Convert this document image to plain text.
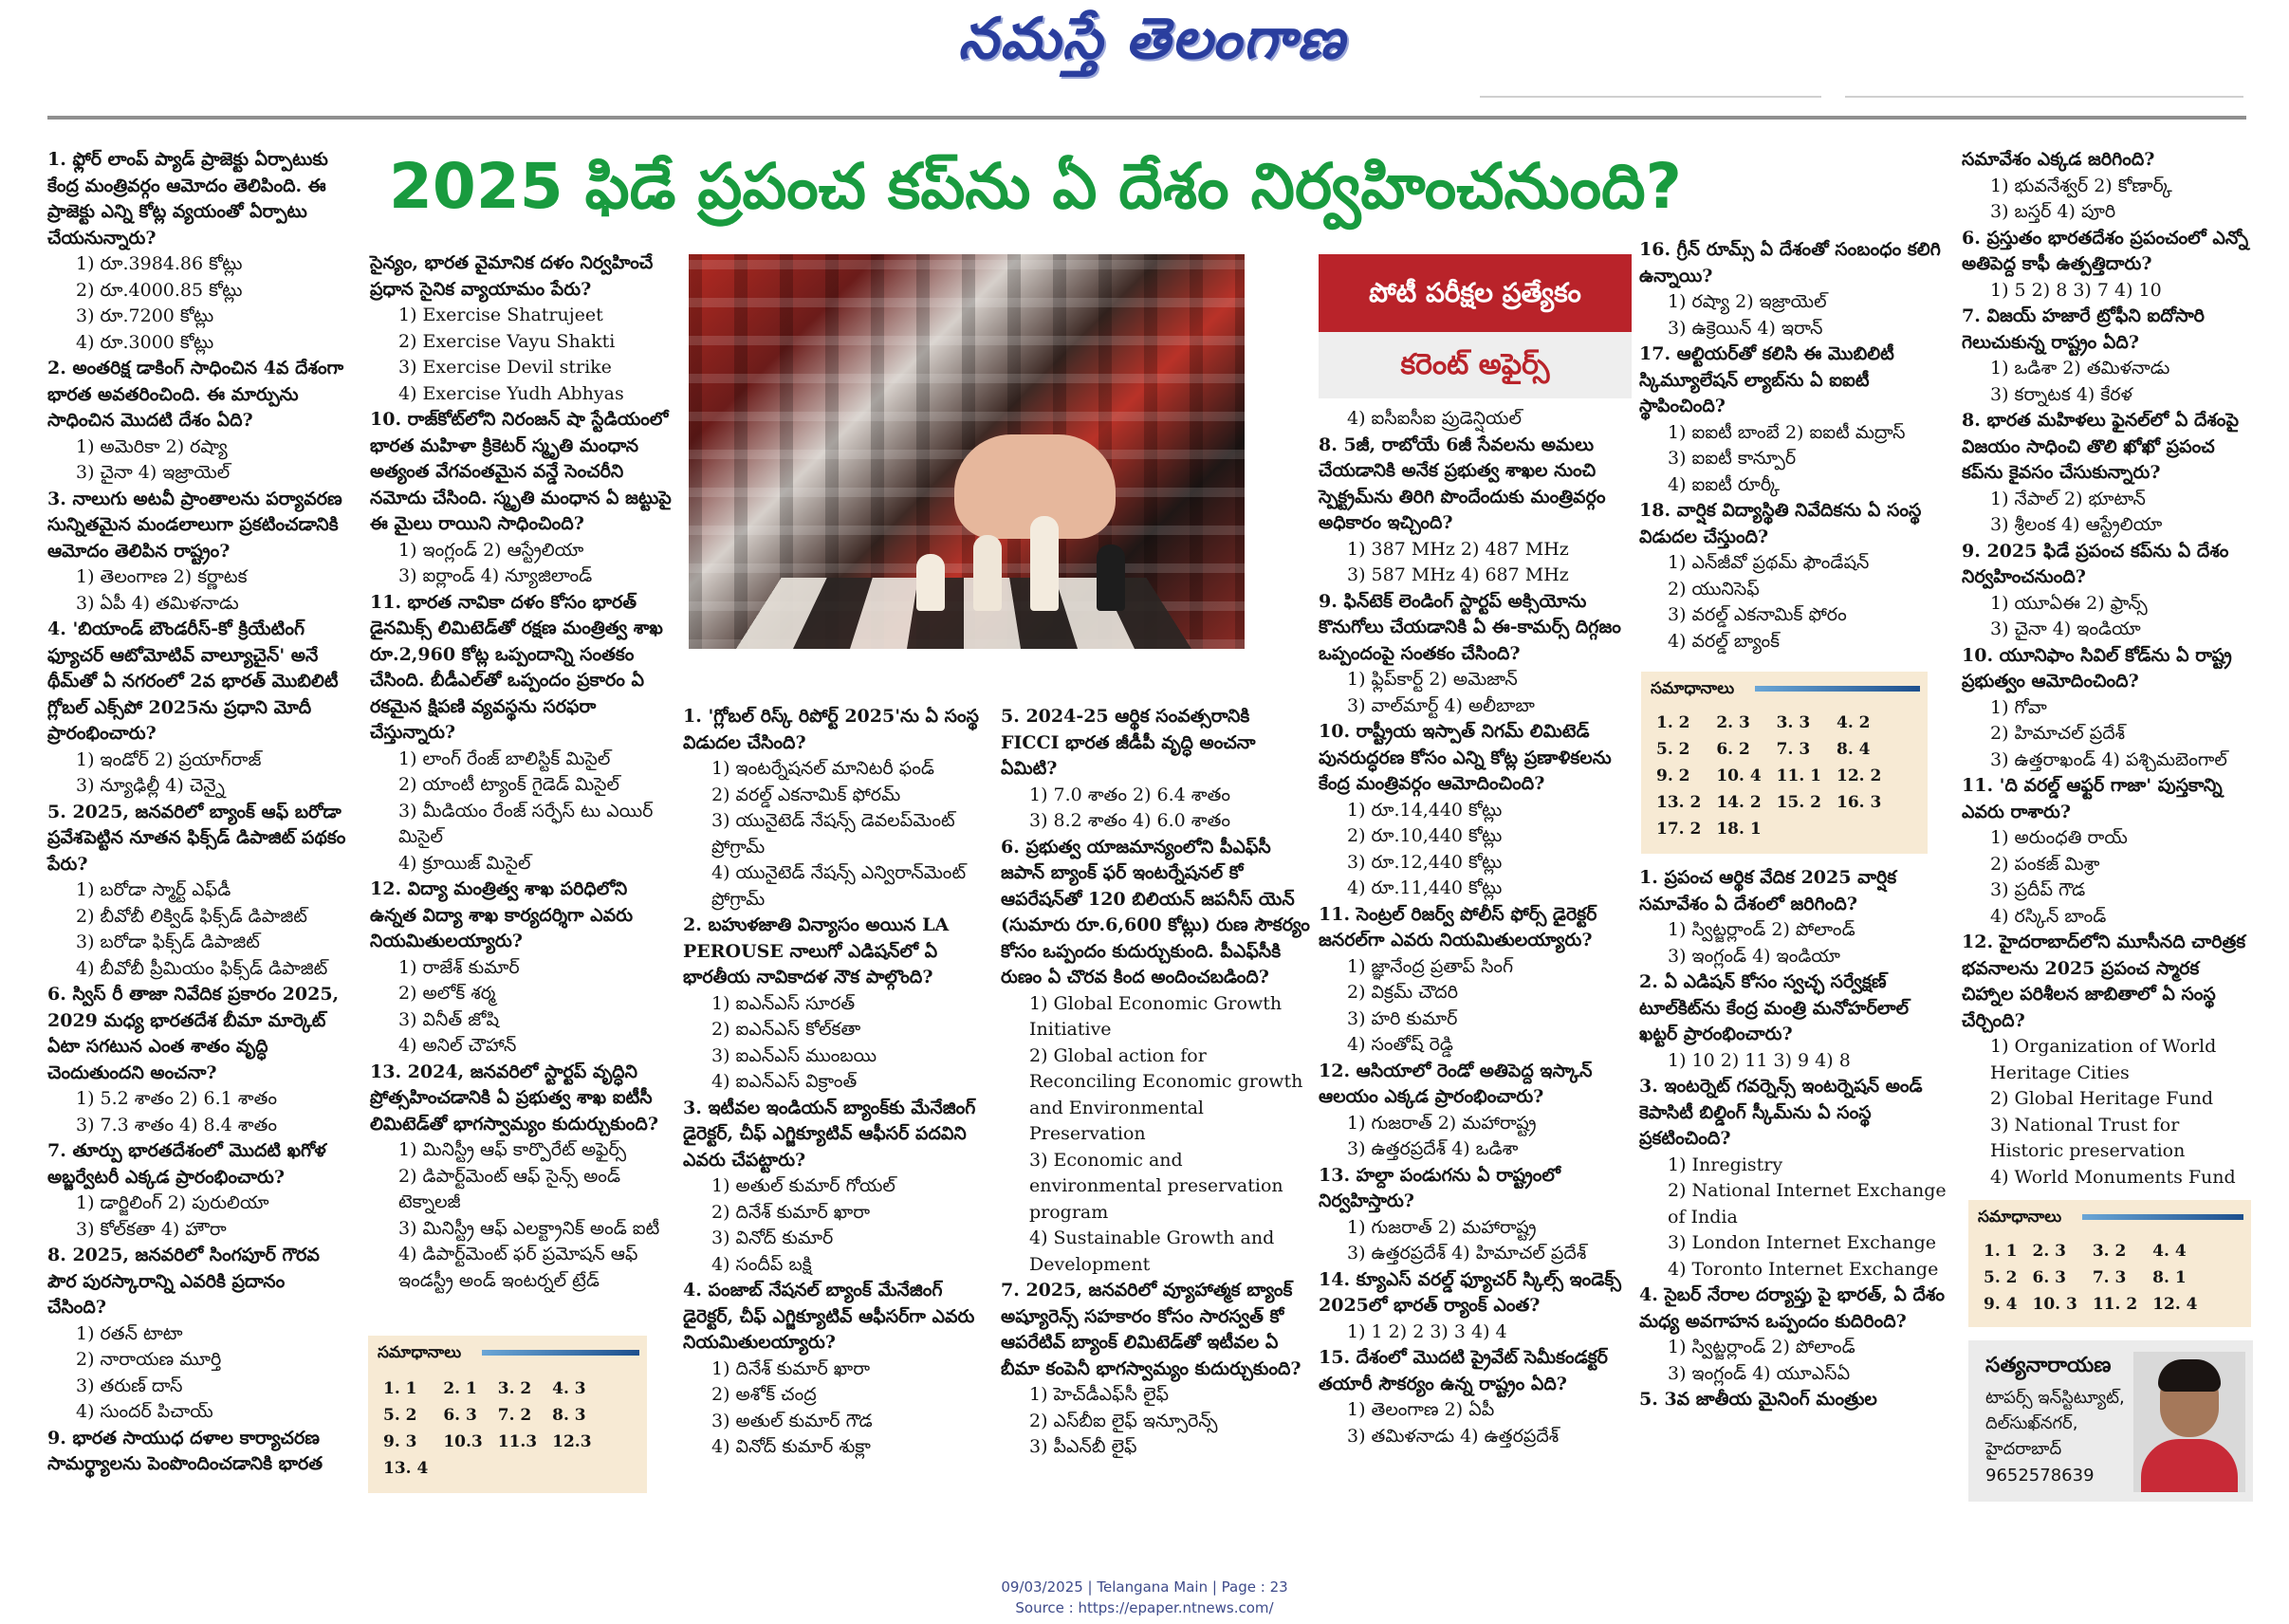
నమస్తే తెలంగాణ
2025 ఫిడే ప్రపంచ కప్‌ను ఏ దేశం నిర్వహించనుంది?

1. ఫ్లోర్ లాంప్ ప్యాడ్ ప్రాజెక్టు ఏర్పాటుకు కేంద్ర మంత్రివర్గం ఆమోదం తెలిపింది. ఈ ప్రాజెక్టు ఎన్ని కోట్ల వ్యయంతో ఏర్పాటు చేయనున్నారు?

1) రూ.3984.86 కోట్లు

2) రూ.4000.85 కోట్లు

3) రూ.7200 కోట్లు

4) రూ.3000 కోట్లు

2. అంతరిక్ష డాకింగ్ సాధించిన 4వ దేశంగా భారత అవతరించింది. ఈ మార్పును సాధించిన మొదటి దేశం ఏది?

1) అమెరికా 2) రష్యా

3) చైనా 4) ఇజ్రాయెల్

3. నాలుగు అటవీ ప్రాంతాలను పర్యావరణ సున్నితమైన మండలాలుగా ప్రకటించడానికి ఆమోదం తెలిపిన రాష్ట్రం?

1) తెలంగాణ 2) కర్ణాటక

3) ఏపీ 4) తమిళనాడు

4. 'బియాండ్ బౌండరీస్-కో క్రియేటింగ్ ఫ్యూచర్ ఆటోమోటివ్ వాల్యూచైన్' అనే థీమ్‌తో ఏ నగరంలో 2వ భారత్ మొబిలిటీ గ్లోబల్ ఎక్స్‌పో 2025ను ప్రధాని మోదీ ప్రారంభించారు?

1) ఇండోర్ 2) ప్రయాగ్‌రాజ్

3) న్యూఢిల్లీ 4) చెన్నై

5. 2025, జనవరిలో బ్యాంక్ ఆఫ్ బరోడా ప్రవేశపెట్టిన నూతన ఫిక్స్‌డ్ డిపాజిట్ పథకం పేరు?

1) బరోడా స్మార్ట్ ఎఫ్‌డీ

2) బీవోబీ లిక్విడ్ ఫిక్స్‌డ్ డిపాజిట్

3) బరోడా ఫిక్స్‌డ్ డిపాజిట్

4) బీవోబీ ప్రీమియం ఫిక్స్‌డ్ డిపాజిట్

6. స్విస్ రీ తాజా నివేదిక ప్రకారం 2025, 2029 మధ్య భారతదేశ బీమా మార్కెట్ ఏటా సగటున ఎంత శాతం వృద్ధి చెందుతుందని అంచనా?

1) 5.2 శాతం 2) 6.1 శాతం

3) 7.3 శాతం 4) 8.4 శాతం

7. తూర్పు భారతదేశంలో మొదటి ఖగోళ అబ్జర్వేటరీ ఎక్కడ ప్రారంభించారు?

1) డార్జిలింగ్ 2) పురులియా

3) కోల్‌కతా 4) హౌరా

8. 2025, జనవరిలో సింగపూర్ గౌరవ పౌర పురస్కారాన్ని ఎవరికి ప్రదానం చేసింది?

1) రతన్ టాటా

2) నారాయణ మూర్తి

3) తరుణ్ దాస్

4) సుందర్ పిచాయ్

9. భారత సాయుధ దళాల కార్యాచరణ సామర్థ్యాలను పెంపొందించడానికి భారత

సైన్యం, భారత వైమానిక దళం నిర్వహించే ప్రధాన సైనిక వ్యాయామం పేరు?

1) Exercise Shatrujeet

2) Exercise Vayu Shakti

3) Exercise Devil strike

4) Exercise Yudh Abhyas

10. రాజ్‌కోట్‌లోని నిరంజన్ షా స్టేడియంలో భారత మహిళా క్రికెటర్ స్మృతి మంధాన అత్యంత వేగవంతమైన వన్డే సెంచరీని నమోదు చేసింది. స్మృతి మంధాన ఏ జట్టుపై ఈ మైలు రాయిని సాధించింది?

1) ఇంగ్లండ్ 2) ఆస్ట్రేలియా

3) ఐర్లాండ్ 4) న్యూజిలాండ్

11. భారత నావికా దళం కోసం భారత్ డైనమిక్స్ లిమిటెడ్‌తో రక్షణ మంత్రిత్వ శాఖ రూ.2,960 కోట్ల ఒప్పందాన్ని సంతకం చేసింది. బీడీఎల్‌తో ఒప్పందం ప్రకారం ఏ రకమైన క్షిపణి వ్యవస్థను సరఫరా చేస్తున్నారు?

1) లాంగ్ రేంజ్ బాలిస్టిక్ మిసైల్

2) యాంటీ ట్యాంక్ గైడెడ్ మిసైల్

3) మీడియం రేంజ్ సర్ఫేస్ టు ఎయిర్ మిసైల్

4) క్రూయిజ్ మిసైల్

12. విద్యా మంత్రిత్వ శాఖ పరిధిలోని ఉన్నత విద్యా శాఖ కార్యదర్శిగా ఎవరు నియమితులయ్యారు?

1) రాజేశ్ కుమార్

2) అలోక్ శర్మ

3) వినీత్ జోషి

4) అనిల్ చౌహాన్

13. 2024, జనవరిలో స్టార్టప్ వృద్ధిని ప్రోత్సహించడానికి ఏ ప్రభుత్వ శాఖ ఐటీసీ లిమిటెడ్‌తో భాగస్వామ్యం కుదుర్చుకుంది?

1) మినిస్ట్రీ ఆఫ్ కార్పొరేట్ అఫైర్స్

2) డిపార్ట్‌మెంట్ ఆఫ్ సైన్స్ అండ్ టెక్నాలజీ

3) మినిస్ట్రీ ఆఫ్ ఎలక్ట్రానిక్ అండ్ ఐటీ

4) డిపార్ట్‌మెంట్ ఫర్ ప్రమోషన్ ఆఫ్ ఇండస్ట్రీ అండ్ ఇంటర్నల్ ట్రేడ్

పోటీ పరీక్షల ప్రత్యేకం
కరెంట్ అఫైర్స్

1. 'గ్లోబల్ రిస్క్ రిపోర్ట్ 2025'ను ఏ సంస్థ విడుదల చేసింది?

1) ఇంటర్నేషనల్ మానిటరీ ఫండ్

2) వరల్డ్ ఎకనామిక్ ఫోరమ్

3) యునైటెడ్ నేషన్స్ డెవలప్‌మెంట్ ప్రోగ్రామ్

4) యునైటెడ్ నేషన్స్ ఎన్విరాన్‌మెంట్ ప్రోగ్రామ్

2. బహుళజాతి విన్యాసం అయిన LA PEROUSE నాలుగో ఎడిషన్‌లో ఏ భారతీయ నావికాదళ నౌక పాల్గొంది?

1) ఐఎన్ఎస్ సూరత్

2) ఐఎన్ఎస్ కోల్‌కతా

3) ఐఎన్ఎస్ ముంబయి

4) ఐఎన్ఎస్ విక్రాంత్

3. ఇటీవల ఇండియన్ బ్యాంక్‌కు మేనేజింగ్ డైరెక్టర్, చీఫ్ ఎగ్జిక్యూటివ్ ఆఫీసర్ పదవిని ఎవరు చేపట్టారు?

1) అతుల్ కుమార్ గోయల్

2) దినేశ్ కుమార్ ఖారా

3) వినోద్ కుమార్

4) సందీప్ బక్షి

4. పంజాబ్ నేషనల్ బ్యాంక్ మేనేజింగ్ డైరెక్టర్, చీఫ్ ఎగ్జిక్యూటివ్ ఆఫీసర్‌గా ఎవరు నియమితులయ్యారు?

1) దినేశ్ కుమార్ ఖారా

2) అశోక్ చంద్ర

3) అతుల్ కుమార్ గౌడ

4) వినోద్ కుమార్ శుక్లా

5. 2024-25 ఆర్థిక సంవత్సరానికి FICCI భారత జీడీపీ వృద్ధి అంచనా ఏమిటి?

1) 7.0 శాతం 2) 6.4 శాతం

3) 8.2 శాతం 4) 6.0 శాతం

6. ప్రభుత్వ యాజమాన్యంలోని పీఎఫ్‌సీ జపాన్ బ్యాంక్ ఫర్ ఇంటర్నేషనల్ కో ఆపరేషన్‌తో 120 బిలియన్ జపనీస్ యెన్ (సుమారు రూ.6,600 కోట్లు) రుణ సౌకర్యం కోసం ఒప్పందం కుదుర్చుకుంది. పీఎఫ్‌సీకి రుణం ఏ చొరవ కింద అందించబడింది?

1) Global Economic Growth Initiative

2) Global action for Reconciling Economic growth and Environmental Preservation

3) Economic and environmental preservation program

4) Sustainable Growth and Development

7. 2025, జనవరిలో వ్యూహాత్మక బ్యాంక్ అష్యూరెన్స్ సహకారం కోసం సారస్వత్ కో ఆపరేటివ్ బ్యాంక్ లిమిటెడ్‌తో ఇటీవల ఏ బీమా కంపెనీ భాగస్వామ్యం కుదుర్చుకుంది?

1) హెచ్‌డీఎఫ్‌సీ లైఫ్

2) ఎస్‌బీఐ లైఫ్ ఇన్సూరెన్స్

3) పీఎన్‌బీ లైఫ్

4) ఐసీఐసీఐ ప్రుడెన్షియల్

8. 5జీ, రాబోయే 6జీ సేవలను అమలు చేయడానికి అనేక ప్రభుత్వ శాఖల నుంచి స్పెక్ట్రమ్‌ను తిరిగి పొందేందుకు మంత్రివర్గం అధికారం ఇచ్చింది?

1) 387 MHz 2) 487 MHz

3) 587 MHz 4) 687 MHz

9. ఫిన్‌టెక్ లెండింగ్ స్టార్టప్ అక్సియోను కొనుగోలు చేయడానికి ఏ ఈ-కామర్స్ దిగ్గజం ఒప్పందంపై సంతకం చేసింది?

1) ఫ్లిప్‌కార్ట్ 2) అమెజాన్

3) వాల్‌మార్ట్ 4) అలీబాబా

10. రాష్ట్రీయ ఇస్పాత్ నిగమ్ లిమిటెడ్ పునరుద్ధరణ కోసం ఎన్ని కోట్ల ప్రణాళికలను కేంద్ర మంత్రివర్గం ఆమోదించింది?

1) రూ.14,440 కోట్లు

2) రూ.10,440 కోట్లు

3) రూ.12,440 కోట్లు

4) రూ.11,440 కోట్లు

11. సెంట్రల్ రిజర్వ్ పోలీస్ ఫోర్స్ డైరెక్టర్ జనరల్‌గా ఎవరు నియమితులయ్యారు?

1) జ్ఞానేంద్ర ప్రతాప్ సింగ్

2) విక్రమ్ చౌదరి

3) హరి కుమార్

4) సంతోష్ రెడ్డి

12. ఆసియాలో రెండో అతిపెద్ద ఇస్కాన్ ఆలయం ఎక్కడ ప్రారంభించారు?

1) గుజరాత్ 2) మహారాష్ట్ర

3) ఉత్తరప్రదేశ్ 4) ఒడిశా

13. హల్దా పండుగను ఏ రాష్ట్రంలో నిర్వహిస్తారు?

1) గుజరాత్ 2) మహారాష్ట్ర

3) ఉత్తరప్రదేశ్ 4) హిమాచల్ ప్రదేశ్

14. క్యూఎస్ వరల్డ్ ఫ్యూచర్ స్కిల్స్ ఇండెక్స్ 2025లో భారత్ ర్యాంక్ ఎంత?

1) 1 2) 2 3) 3 4) 4

15. దేశంలో మొదటి ప్రైవేట్ సెమీకండక్టర్ తయారీ సౌకర్యం ఉన్న రాష్ట్రం ఏది?

1) తెలంగాణ 2) ఏపీ

3) తమిళనాడు 4) ఉత్తరప్రదేశ్

16. గ్రీన్ రూమ్స్ ఏ దేశంతో సంబంధం కలిగి ఉన్నాయి?

1) రష్యా 2) ఇజ్రాయెల్

3) ఉక్రెయిన్ 4) ఇరాన్

17. ఆల్టియర్‌తో కలిసి ఈ మొబిలిటీ స్కిమ్యూలేషన్ ల్యాబ్‌ను ఏ ఐఐటీ స్థాపించింది?

1) ఐఐటీ బాంబే 2) ఐఐటీ మద్రాస్

3) ఐఐటీ కాన్పూర్

4) ఐఐటీ రూర్కీ

18. వార్షిక విద్యాస్థితి నివేదికను ఏ సంస్థ విడుదల చేస్తుంది?

1) ఎన్‌జీవో ప్రథమ్ ఫౌండేషన్

2) యునిసెఫ్

3) వరల్డ్ ఎకనామిక్ ఫోరం

4) వరల్డ్ బ్యాంక్

1. ప్రపంచ ఆర్థిక వేదిక 2025 వార్షిక సమావేశం ఏ దేశంలో జరిగింది?

1) స్విట్జర్లాండ్ 2) పోలాండ్

3) ఇంగ్లండ్ 4) ఇండియా

2. ఏ ఎడిషన్ కోసం స్వచ్ఛ సర్వేక్షణ్ టూల్‌కిట్‌ను కేంద్ర మంత్రి మనోహర్‌లాల్ ఖట్టర్ ప్రారంభించారు?

1) 10 2) 11 3) 9 4) 8

3. ఇంటర్నెట్ గవర్నెన్స్ ఇంటర్నెషన్ అండ్ కెపాసిటీ బిల్డింగ్ స్కీమ్‌ను ఏ సంస్థ ప్రకటించింది?

1) Inregistry

2) National Internet Exchange of India

3) London Internet Exchange

4) Toronto Internet Exchange

4. సైబర్ నేరాల దర్యాప్తు పై భారత్, ఏ దేశం మధ్య అవగాహన ఒప్పందం కుదిరింది?

1) స్విట్జర్లాండ్ 2) పోలాండ్

3) ఇంగ్లండ్ 4) యూఎస్ఏ

5. 3వ జాతీయ మైనింగ్ మంత్రుల

సమావేశం ఎక్కడ జరిగింది?

1) భువనేశ్వర్ 2) కోణార్క్

3) బస్తర్ 4) పూరి

6. ప్రస్తుతం భారతదేశం ప్రపంచంలో ఎన్నో అతిపెద్ద కాఫీ ఉత్పత్తిదారు?

1) 5 2) 8 3) 7 4) 10

7. విజయ్ హజారే ట్రోఫీని ఐదోసారి గెలుచుకున్న రాష్ట్రం ఏది?

1) ఒడిశా 2) తమిళనాడు

3) కర్నాటక 4) కేరళ

8. భారత మహిళలు ఫైనల్‌లో ఏ దేశంపై విజయం సాధించి తొలి ఖోఖో ప్రపంచ కప్‌ను కైవసం చేసుకున్నారు?

1) నేపాల్ 2) భూటాన్

3) శ్రీలంక 4) ఆస్ట్రేలియా

9. 2025 ఫిడే ప్రపంచ కప్‌ను ఏ దేశం నిర్వహించనుంది?

1) యూఏఈ 2) ఫ్రాన్స్

3) చైనా 4) ఇండియా

10. యూనిఫాం సివిల్ కోడ్‌ను ఏ రాష్ట్ర ప్రభుత్వం ఆమోదించింది?

1) గోవా

2) హిమాచల్ ప్రదేశ్

3) ఉత్తరాఖండ్ 4) పశ్చిమబెంగాల్

11. 'ది వరల్డ్ ఆఫ్టర్ గాజా' పుస్తకాన్ని ఎవరు రాశారు?

1) అరుంధతి రాయ్

2) పంకజ్ మిశ్రా

3) ప్రదీప్ గౌడ

4) రస్కిన్ బాండ్

12. హైదరాబాద్‌లోని మూసీనది చారిత్రక భవనాలను 2025 ప్రపంచ స్మారక చిహ్నాల పరిశీలన జాబితాలో ఏ సంస్థ చేర్చింది?

1) Organization of World Heritage Cities

2) Global Heritage Fund

3) National Trust for Historic preservation

4) World Monuments Fund

సమాధానాలు
1. 1	2. 1	3. 2	4. 3
5. 2	6. 3	7. 2	8. 3
9. 3	10.3	11.3	12.3
13. 4			
సమాధానాలు
1. 2	2. 3	3. 3	4. 2
5. 2	6. 2	7. 3	8. 4
9. 2	10. 4	11. 1	12. 2
13. 2	14. 2	15. 2	16. 3
17. 2	18. 1		
సమాధానాలు
1. 1	2. 3	3. 2	4. 4
5. 2	6. 3	7. 3	8. 1
9. 4	10. 3	11. 2	12. 4
సత్యనారాయణ
టాపర్స్ ఇన్‌స్టిట్యూట్,
దిల్‌సుఖ్‌నగర్,
హైదరాబాద్
9652578639
09/03/2025 | Telangana Main | Page : 23
Source : https://epaper.ntnews.com/
